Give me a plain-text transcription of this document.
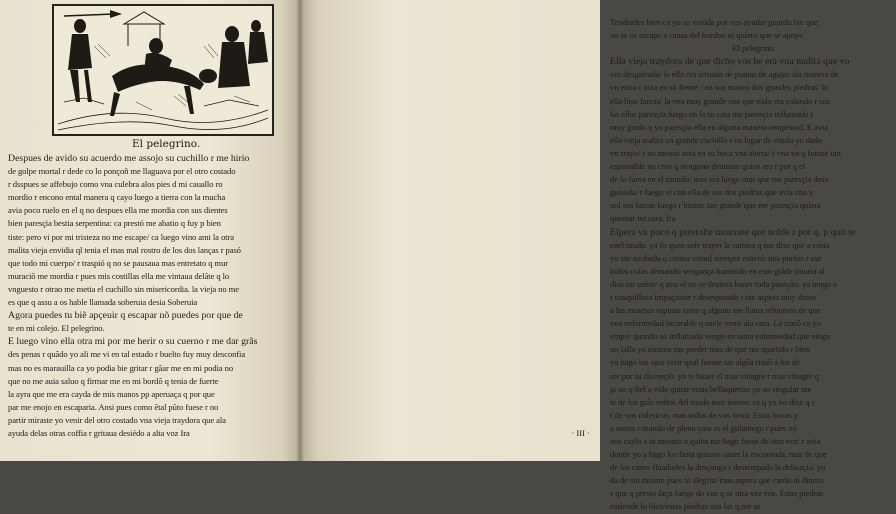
El pelegrino.
Despues de avido su acuerdo me assojo su cuchillo r me hirio
de golpe mortal r dede co lo ponçoñ me llaguava por el otro costado
r dsspues se affebujo como vna culebra alos pies d mi cauallo ro
mordio r encono ental manera q cayo luego a tierra con la mucha
avia poco ruelo en el q no despues ella me mordia con sus dientes
bien paresçia bestia serpentina: ca prestó me abatio q fuy p bien
tiste: pero vi por mi tristeza no me escape/ ca luego vino ami la otra
malita vieja envidia ql tenia el mas mal rostro de los dos lanças r pasó
que todo mi cuerpo/ r traspió q no se pausaua mas entretato q mur
muraciõ me mordia r pues mis costillas ella me vintaua delãte q lo
vnguesto r otrao me metia el cuchillo sin misericordia. la vieja no me
es que q assu a os hable llamada soberuia desia Soberuia
Agora puedes tu biẽ apçeuir q escapar nõ puedes por que de
te en mi colejo. El pelegrino.
E luego vino ella otra mi por me herir o su cuerno r me dar grãs
des penas r quãdo yo ali me vi en tal estado r buelto fuy muy desconfia
mas no es marauilla ca yo podia bie gritar r gãar me en mi podia no
que no me auia saluo q firmar me en mi bordõ q tenia de fuerte
la ayra que me era cayda de mis manos pp aperuaça q por que
par me enojo en escaparia. Ansi pues como ẽtal pũto fuese r no
partir miraste yo venir del otro costado vna vieja traydora que ala
ayuda delas otras coffia r gritaua desiédo a alta voz Ira
Tendredes bien ca yo so venida por vos ayudar guardo bie que
no se os escape a causa del bordon ni quiero que se apoye
El pelegrino
Ella vieja traydora de que dicho vos he era vna malita que vo
ves desgarrada/ la ella era armada de puntas de agujas ala manera de
vn eriso r avia en su frente / en sus manos dos grandes piedras/ lo
ella hiso farcas/ la vna muy grande con que todo era colando r sus
las ellas paresçia fuego en la su cara me paresçia inflamado r
muy grado q ya paresçia ella en alguna manera tempestad. E avia
ella vieja malita vn grande cuchillo r en lugar de estufa yo dado
vn rrayo/ r no menos avia en su boca vna sierra/ r vna vo q fuesse tan
espantable no creo q nenguno deuiesse quien era r por q el
de lo fuera en el mundo/ mas era luego mas que me paresçia desa
guisada/ r luego vi con ella de sus dos piedras que avia una y
nol sus farcas fuego r humo: tan grande que me paresçia quiera
quemar mi cara. Ira
Elpera vn poco q prestolte mostrate que noble r por q. p quit te
enel mudo. yo fo quen sole trayer la camisa q me dixe que a costa
yo sse aoobada q contra virtud siempre estieno mis puntas r sse
todos cofas demando vengança haziendo en esto grãde iniuria al
dios mi señor/ q assi el no se deuiera hauer toda punição. yo tengo a
r cosquillosa impaçiente r desesperada r tan aspera muy dizen
a las mesmas espinas tanto q alguno me llama rebiniseo de que
vna enfermedad incurable q suele venir ala cara. La rrasõ ca yo
empre quando so inflamada vengo en tanta enfermedad que ningu
no falla yo mesma me perder mas de que me apartido r bien
yo hago los ojos vivir qual fuesse sin algũa rrasõ a los de
ser por tu discreçiõ. yo te hazer el mas vinagre r mas vinagre q
ja uo q fiel a vida quitar estas bellaquerias yo so singular me
te de los grãs veftos del mudo mor menor. ca q yo no dixe q c
r de vos colericos. mas todos de vos venir. Estas bocas y
a sueno r mando de plena yara es el gulaniego r pues mi
nos cayla a tu mesmo a quien me hago fuese de otra vez/ r avia
donde yo a hago los fasta quieres sauer la encornada, mas de que
de los canes ffaadioles la desçonga r destempada la delicaçia/ yo
da de sin mismo pues ni alegria/ mas aspera que cardo ni dinero
s que q presto faço fuego do vos q se otra vez vos. Estas piedras
entiende lo bien/estas piedras son las q me as
· III ·
